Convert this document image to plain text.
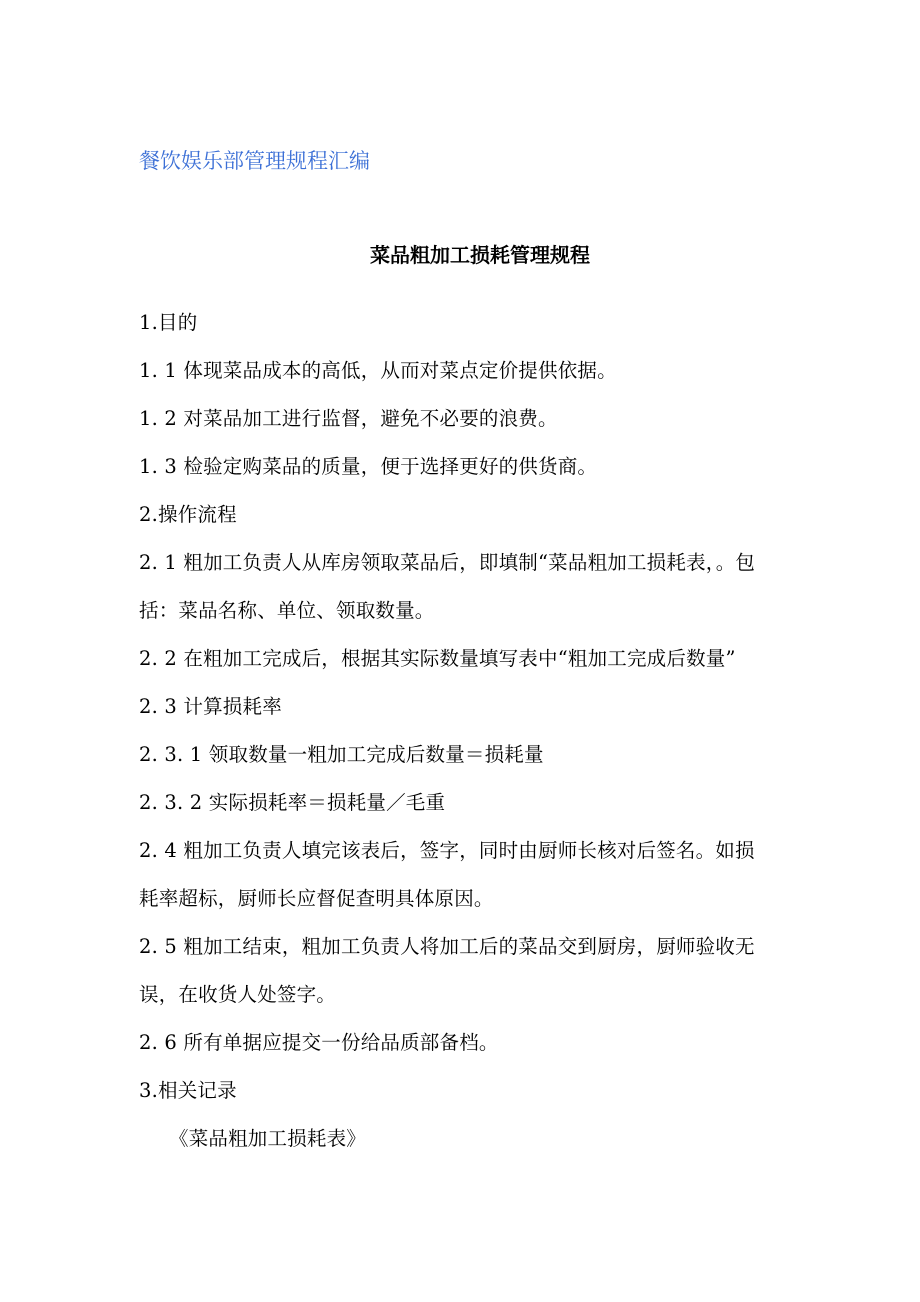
餐饮娱乐部管理规程汇编
菜品粗加工损耗管理规程
1.目的
1. 1 体现菜品成本的高低，从而对菜点定价提供依据。
1. 2 对菜品加工进行监督，避免不必要的浪费。
1. 3 检验定购菜品的质量，便于选择更好的供货商。
2.操作流程
2. 1 粗加工负责人从库房领取菜品后，即填制“菜品粗加工损耗表，。包
括：菜品名称、单位、领取数量。
2. 2 在粗加工完成后，根据其实际数量填写表中“粗加工完成后数量”
2. 3 计算损耗率
2. 3. 1 领取数量一粗加工完成后数量＝损耗量
2. 3. 2 实际损耗率＝损耗量／毛重
2. 4 粗加工负责人填完该表后，签字，同时由厨师长核对后签名。如损
耗率超标，厨师长应督促查明具体原因。
2. 5 粗加工结束，粗加工负责人将加工后的菜品交到厨房，厨师验收无
误，在收货人处签字。
2. 6 所有单据应提交一份给品质部备档。
3.相关记录
《菜品粗加工损耗表》
